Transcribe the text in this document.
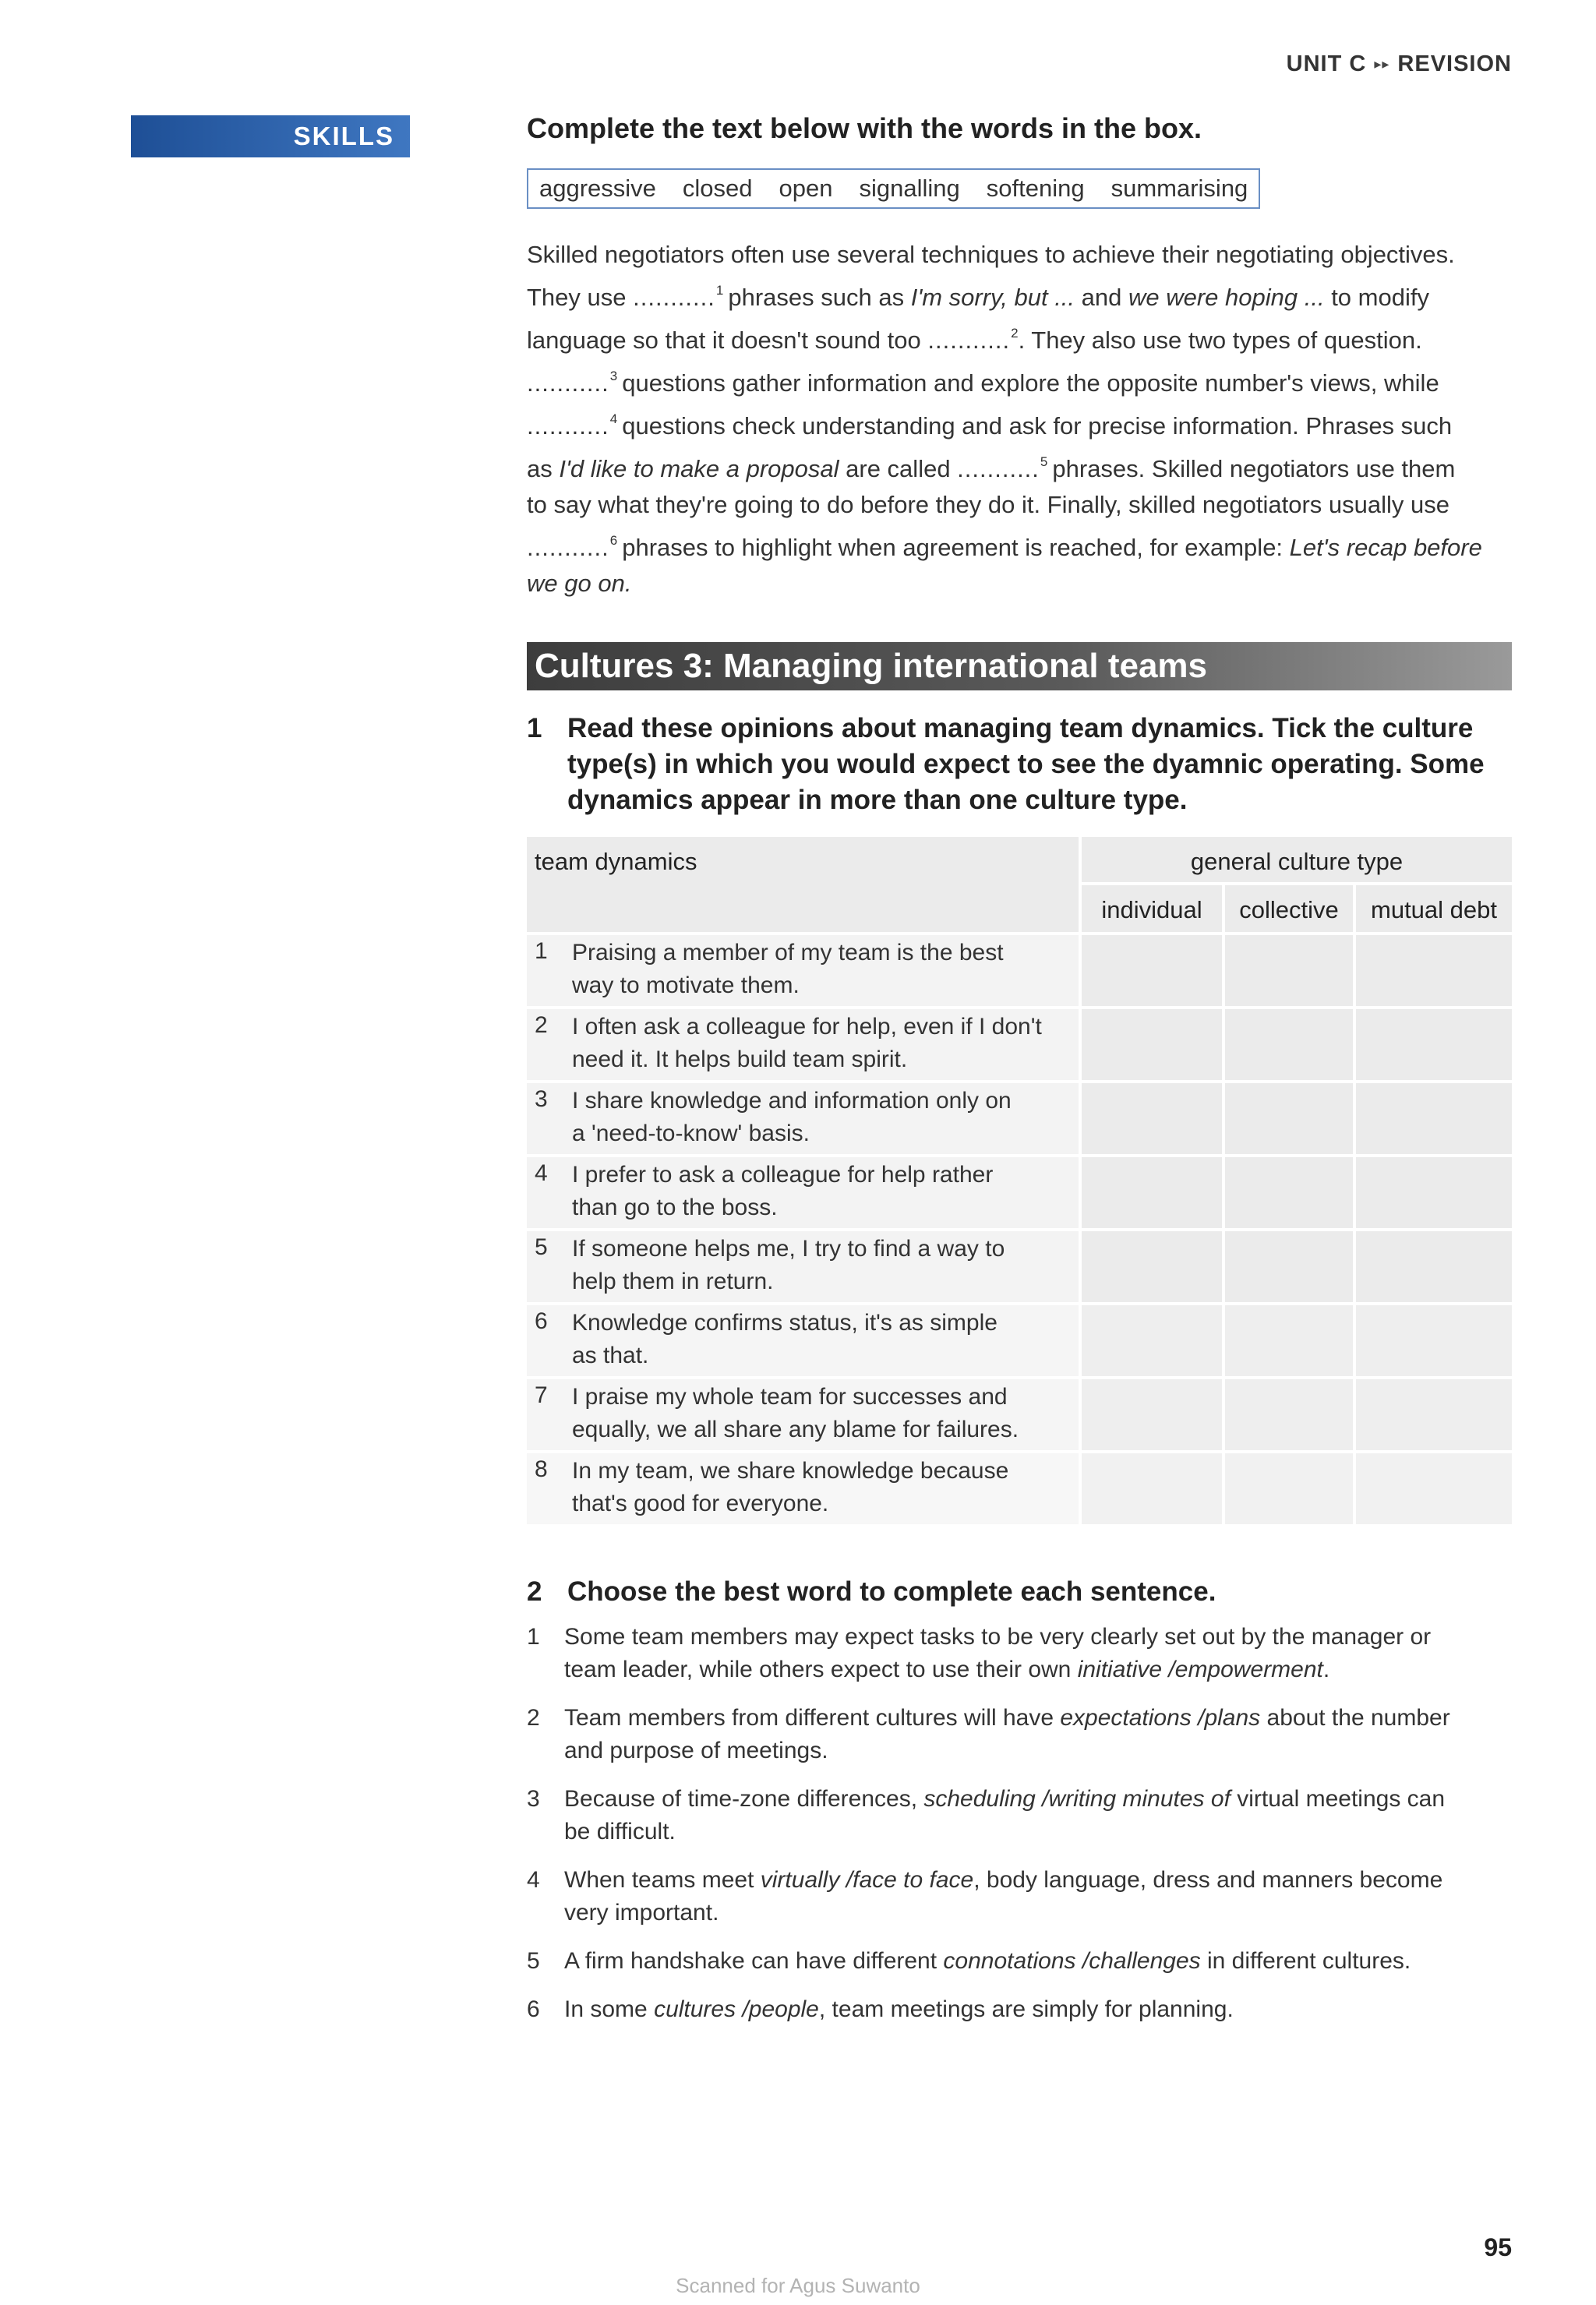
UNIT C ▸▸ REVISION
SKILLS	Complete the text below with the words in the box.
aggressive closed open signalling softening summarising
Skilled negotiators often use several techniques to achieve their negotiating objectives.
They use ...........$^1$ phrases such as I'm sorry, but ... and we were hoping ... to modify
language so that it doesn't sound too ...........$^2$. They also use two types of question.
...........$^3$ questions gather information and explore the opposite number's views, while
...........$^4$ questions check understanding and ask for precise information. Phrases such
as I'd like to make a proposal are called ...........$^5$ phrases. Skilled negotiators use them
to say what they're going to do before they do it. Finally, skilled negotiators usually use
...........$^6$ phrases to highlight when agreement is reached, for example: Let's recap before
we go on.
Cultures 3: Managing international teams
1 Read these opinions about managing team dynamics. Tick the culture type(s) in which you would expect to see the dyamnic operating. Some dynamics appear in more than one culture type.
team dynamics	general culture type
individual	collective	mutual debt
1 Praising a member of my team is the best
way to motivate them.
2 I often ask a colleague for help, even if I don't
need it. It helps build team spirit.
3 I share knowledge and information only on
a 'need-to-know' basis.
4 I prefer to ask a colleague for help rather
than go to the boss.
5 If someone helps me, I try to find a way to
help them in return.
6 Knowledge confirms status, it's as simple
as that.
7 I praise my whole team for successes and
equally, we all share any blame for failures.
8 In my team, we share knowledge because
that's good for everyone.
2 Choose the best word to complete each sentence.
1 Some team members may expect tasks to be very clearly set out by the manager or
team leader, while others expect to use their own initiative /empowerment.
2 Team members from different cultures will have expectations /plans about the number
and purpose of meetings.
3 Because of time-zone differences, scheduling /writing minutes of virtual meetings can
be difficult.
4 When teams meet virtually /face to face, body language, dress and manners become
very important.
5 A firm handshake can have different connotations /challenges in different cultures.
6 In some cultures /people, team meetings are simply for planning.
95
Scanned for Agus Suwanto
